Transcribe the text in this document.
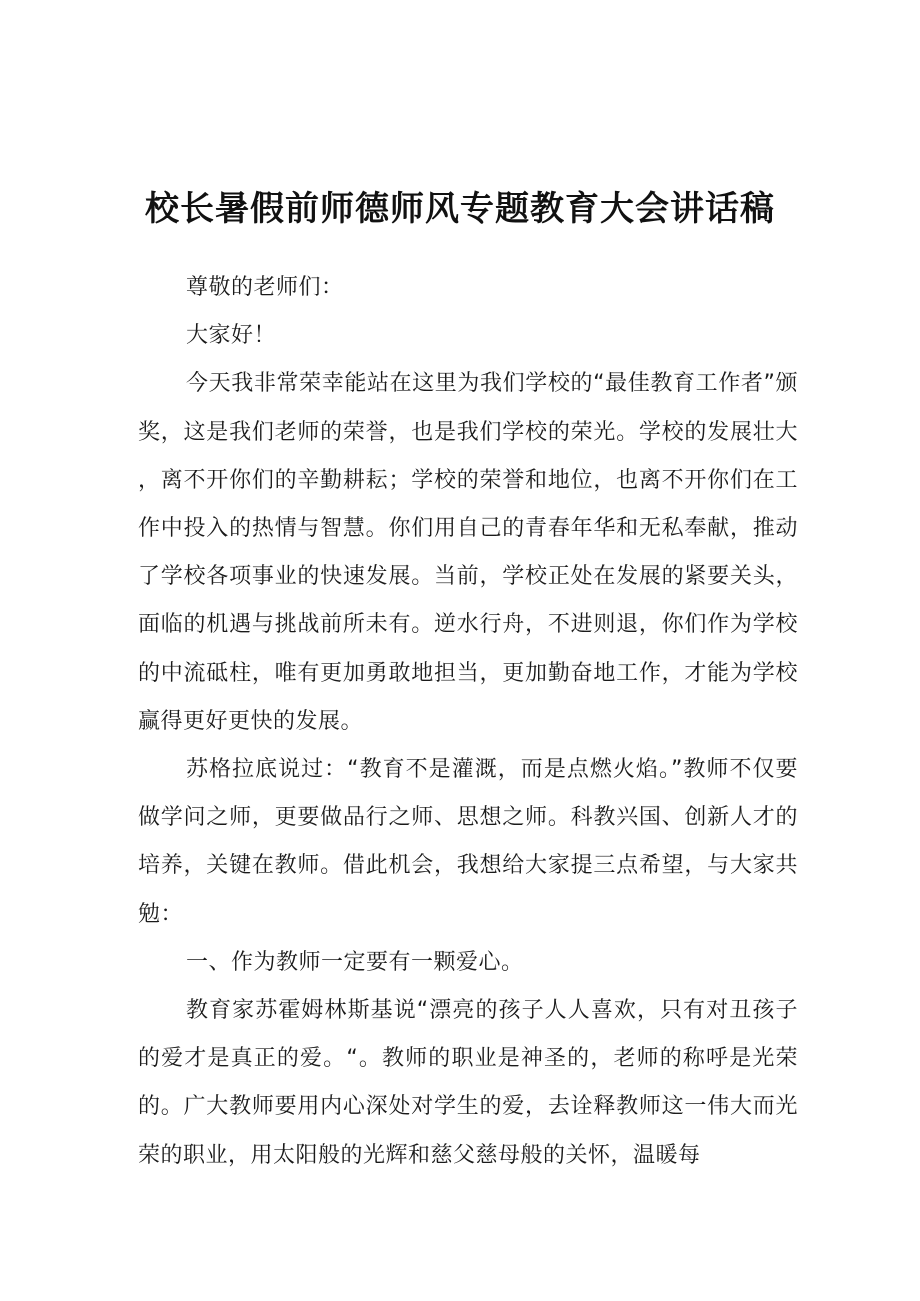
校长暑假前师德师风专题教育大会讲话稿

尊敬的老师们：

大家好！

今天我非常荣幸能站在这里为我们学校的“最佳教育工作者”颁奖，这是我们老师的荣誉，也是我们学校的荣光。学校的发展壮大，离不开你们的辛勤耕耘；学校的荣誉和地位，也离不开你们在工作中投入的热情与智慧。你们用自己的青春年华和无私奉献，推动了学校各项事业的快速发展。当前，学校正处在发展的紧要关头，面临的机遇与挑战前所未有。逆水行舟，不进则退，你们作为学校的中流砥柱，唯有更加勇敢地担当，更加勤奋地工作，才能为学校赢得更好更快的发展。

苏格拉底说过：“教育不是灌溉，而是点燃火焰。”教师不仅要做学问之师，更要做品行之师、思想之师。科教兴国、创新人才的培养，关键在教师。借此机会，我想给大家提三点希望，与大家共勉：

一、作为教师一定要有一颗爱心。

教育家苏霍姆林斯基说“漂亮的孩子人人喜欢，只有对丑孩子的爱才是真正的爱。“。教师的职业是神圣的，老师的称呼是光荣的。广大教师要用内心深处对学生的爱，去诠释教师这一伟大而光荣的职业，用太阳般的光辉和慈父慈母般的关怀，温暖每
